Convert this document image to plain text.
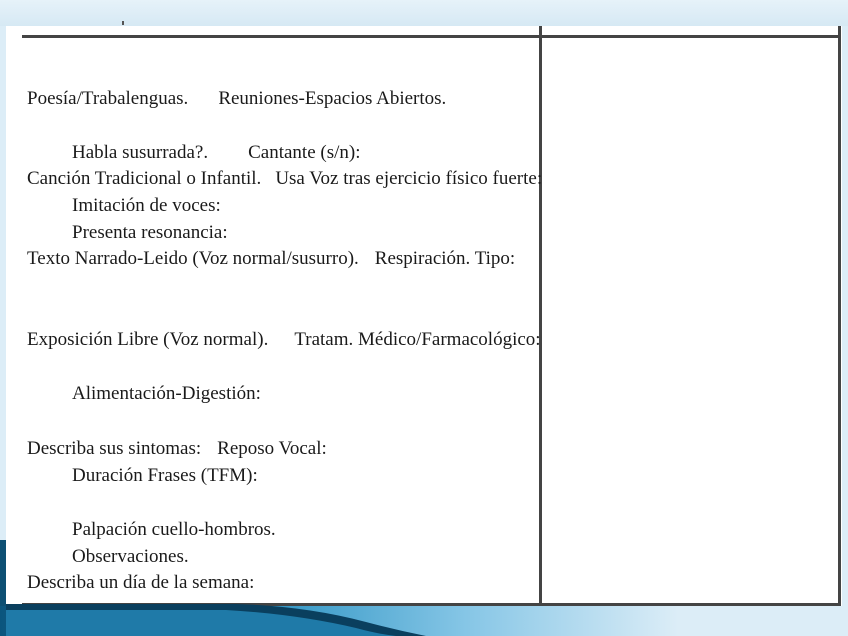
Poesía/Trabalenguas. Reuniones-Espacios Abiertos.
Habla susurrada?. Cantante (s/n):
Canción Tradicional o Infantil. Usa Voz tras ejercicio físico fuerte:
Imitación de voces:
Presenta resonancia:
Texto Narrado-Leido (Voz normal/susurro). Respiración. Tipo:
Exposición Libre (Voz normal). Tratam. Médico/Farmacológico:
Alimentación-Digestión:
Describa sus sintomas: Reposo Vocal:
Duración Frases (TFM):
Palpación cuello-hombros.
Observaciones.
Describa un día de la semana:
